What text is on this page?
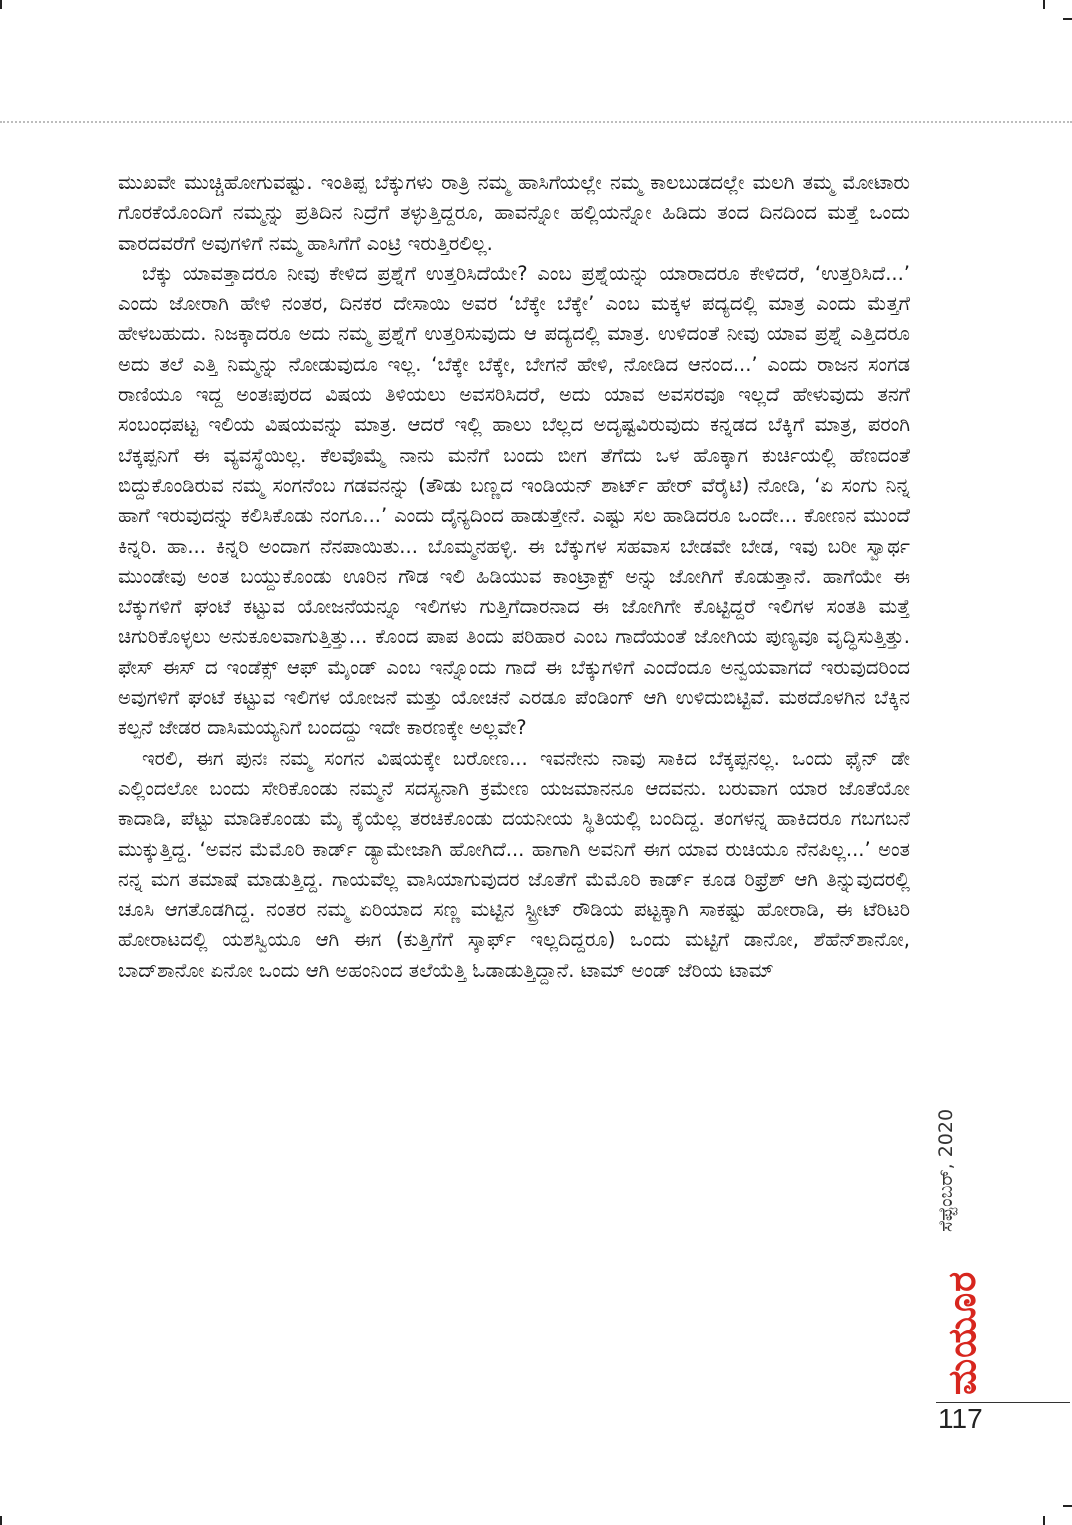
ಮುಖವೇ ಮುಚ್ಚಿಹೋಗುವಷ್ಟು. ಇಂತಿಪ್ಪ ಬೆಕ್ಕುಗಳು ರಾತ್ರಿ ನಮ್ಮ ಹಾಸಿಗೆಯಲ್ಲೇ ನಮ್ಮ ಕಾಲಬುಡದಲ್ಲೇ ಮಲಗಿ ತಮ್ಮ ಮೋಟಾರು ಗೊರಕೆಯೊಂದಿಗೆ ನಮ್ಮನ್ನು ಪ್ರತಿದಿನ ನಿದ್ರೆಗೆ ತಳ್ಳುತ್ತಿದ್ದರೂ, ಹಾವನ್ನೋ ಹಲ್ಲಿಯನ್ನೋ ಹಿಡಿದು ತಂದ ದಿನದಿಂದ ಮತ್ತೆ ಒಂದು ವಾರದವರೆಗೆ ಅವುಗಳಿಗೆ ನಮ್ಮ ಹಾಸಿಗೆಗೆ ಎಂಟ್ರಿ ಇರುತ್ತಿರಲಿಲ್ಲ.

ಬೆಕ್ಕು ಯಾವತ್ತಾದರೂ ನೀವು ಕೇಳಿದ ಪ್ರಶ್ನೆಗೆ ಉತ್ತರಿಸಿದೆಯೇ? ಎಂಬ ಪ್ರಶ್ನೆಯನ್ನು ಯಾರಾದರೂ ಕೇಳಿದರೆ, ‘ಉತ್ತರಿಸಿದೆ...’ ಎಂದು ಜೋರಾಗಿ ಹೇಳಿ ನಂತರ, ದಿನಕರ ದೇಸಾಯಿ ಅವರ ‘ಬೆಕ್ಕೇ ಬೆಕ್ಕೇ’ ಎಂಬ ಮಕ್ಕಳ ಪದ್ಯದಲ್ಲಿ ಮಾತ್ರ ಎಂದು ಮೆತ್ತಗೆ ಹೇಳಬಹುದು. ನಿಜಕ್ಕಾದರೂ ಅದು ನಮ್ಮ ಪ್ರಶ್ನೆಗೆ ಉತ್ತರಿಸುವುದು ಆ ಪದ್ಯದಲ್ಲಿ ಮಾತ್ರ. ಉಳಿದಂತೆ ನೀವು ಯಾವ ಪ್ರಶ್ನೆ ಎತ್ತಿದರೂ ಅದು ತಲೆ ಎತ್ತಿ ನಿಮ್ಮನ್ನು ನೋಡುವುದೂ ಇಲ್ಲ. ‘ಬೆಕ್ಕೇ ಬೆಕ್ಕೇ, ಬೇಗನೆ ಹೇಳಿ, ನೋಡಿದ ಆನಂದ...’ ಎಂದು ರಾಜನ ಸಂಗಡ ರಾಣಿಯೂ ಇದ್ದ ಅಂತಃಪುರದ ವಿಷಯ ತಿಳಿಯಲು ಅವಸರಿಸಿದರೆ, ಅದು ಯಾವ ಅವಸರವೂ ಇಲ್ಲದೆ ಹೇಳುವುದು ತನಗೆ ಸಂಬಂಧಪಟ್ಟ ಇಲಿಯ ವಿಷಯವನ್ನು ಮಾತ್ರ. ಆದರೆ ಇಲ್ಲಿ ಹಾಲು ಬೆಲ್ಲದ ಅದೃಷ್ಟವಿರುವುದು ಕನ್ನಡದ ಬೆಕ್ಕಿಗೆ ಮಾತ್ರ, ಪರಂಗಿ ಬೆಕ್ಕಪ್ಪನಿಗೆ ಈ ವ್ಯವಸ್ಥೆಯಿಲ್ಲ. ಕೆಲವೊಮ್ಮೆ ನಾನು ಮನೆಗೆ ಬಂದು ಬೀಗ ತೆಗೆದು ಒಳ ಹೊಕ್ಕಾಗ ಕುರ್ಚಿಯಲ್ಲಿ ಹೆಣದಂತೆ ಬಿದ್ದುಕೊಂಡಿರುವ ನಮ್ಮ ಸಂಗನೆಂಬ ಗಡವನನ್ನು (ತೌಡು ಬಣ್ಣದ ಇಂಡಿಯನ್ ಶಾರ್ಟ್ ಹೇರ್ ವೆರೈಟಿ) ನೋಡಿ, ‘ಏ ಸಂಗು ನಿನ್ನ ಹಾಗೆ ಇರುವುದನ್ನು ಕಲಿಸಿಕೊಡು ನಂಗೂ...’ ಎಂದು ದೈನ್ಯದಿಂದ ಹಾಡುತ್ತೇನೆ. ಎಷ್ಟು ಸಲ ಹಾಡಿದರೂ ಒಂದೇ... ಕೋಣನ ಮುಂದೆ ಕಿನ್ನರಿ. ಹಾ... ಕಿನ್ನರಿ ಅಂದಾಗ ನೆನಪಾಯಿತು... ಬೊಮ್ಮನಹಳ್ಳಿ. ಈ ಬೆಕ್ಕುಗಳ ಸಹವಾಸ ಬೇಡವೇ ಬೇಡ, ಇವು ಬರೀ ಸ್ವಾರ್ಥ ಮುಂಡೇವು ಅಂತ ಬಯ್ದುಕೊಂಡು ಊರಿನ ಗೌಡ ಇಲಿ ಹಿಡಿಯುವ ಕಾಂಟ್ರಾಕ್ಟ್ ಅನ್ನು ಜೋಗಿಗೆ ಕೊಡುತ್ತಾನೆ. ಹಾಗೆಯೇ ಈ ಬೆಕ್ಕುಗಳಿಗೆ ಘಂಟೆ ಕಟ್ಟುವ ಯೋಜನೆಯನ್ನೂ ಇಲಿಗಳು ಗುತ್ತಿಗೆದಾರನಾದ ಈ ಜೋಗಿಗೇ ಕೊಟ್ಟಿದ್ದರೆ ಇಲಿಗಳ ಸಂತತಿ ಮತ್ತೆ ಚಿಗುರಿಕೊಳ್ಳಲು ಅನುಕೂಲವಾಗುತ್ತಿತ್ತು... ಕೊಂದ ಪಾಪ ತಿಂದು ಪರಿಹಾರ ಎಂಬ ಗಾದೆಯಂತೆ ಜೋಗಿಯ ಪುಣ್ಯವೂ ವೃದ್ಧಿಸುತ್ತಿತ್ತು. ಫೇಸ್ ಈಸ್ ದ ಇಂಡೆಕ್ಸ್ ಆಫ್ ಮೈಂಡ್ ಎಂಬ ಇನ್ನೊಂದು ಗಾದೆ ಈ ಬೆಕ್ಕುಗಳಿಗೆ ಎಂದೆಂದೂ ಅನ್ವಯವಾಗದೆ ಇರುವುದರಿಂದ ಅವುಗಳಿಗೆ ಘಂಟೆ ಕಟ್ಟುವ ಇಲಿಗಳ ಯೋಜನೆ ಮತ್ತು ಯೋಚನೆ ಎರಡೂ ಪೆಂಡಿಂಗ್ ಆಗಿ ಉಳಿದುಬಿಟ್ಟಿವೆ. ಮಠದೊಳಗಿನ ಬೆಕ್ಕಿನ ಕಲ್ಪನೆ ಜೇಡರ ದಾಸಿಮಯ್ಯನಿಗೆ ಬಂದದ್ದು ಇದೇ ಕಾರಣಕ್ಕೇ ಅಲ್ಲವೇ?

ಇರಲಿ, ಈಗ ಪುನಃ ನಮ್ಮ ಸಂಗನ ವಿಷಯಕ್ಕೇ ಬರೋಣ... ಇವನೇನು ನಾವು ಸಾಕಿದ ಬೆಕ್ಕಪ್ಪನಲ್ಲ. ಒಂದು ಫೈನ್ ಡೇ ಎಲ್ಲಿಂದಲೋ ಬಂದು ಸೇರಿಕೊಂಡು ನಮ್ಮನೆ ಸದಸ್ಯನಾಗಿ ಕ್ರಮೇಣ ಯಜಮಾನನೂ ಆದವನು. ಬರುವಾಗ ಯಾರ ಜೊತೆಯೋ ಕಾದಾಡಿ, ಪೆಟ್ಟು ಮಾಡಿಕೊಂಡು ಮೈ ಕೈಯೆಲ್ಲ ತರಚಿಕೊಂಡು ದಯನೀಯ ಸ್ಥಿತಿಯಲ್ಲಿ ಬಂದಿದ್ದ. ತಂಗಳನ್ನ ಹಾಕಿದರೂ ಗಬಗಬನೆ ಮುಕ್ಕುತ್ತಿದ್ದ. ‘ಅವನ ಮೆಮೊರಿ ಕಾರ್ಡ್ ಡ್ಯಾಮೇಜಾಗಿ ಹೋಗಿದೆ... ಹಾಗಾಗಿ ಅವನಿಗೆ ಈಗ ಯಾವ ರುಚಿಯೂ ನೆನಪಿಲ್ಲ...’ ಅಂತ ನನ್ನ ಮಗ ತಮಾಷೆ ಮಾಡುತ್ತಿದ್ದ. ಗಾಯವೆಲ್ಲ ವಾಸಿಯಾಗುವುದರ ಜೊತೆಗೆ ಮೆಮೊರಿ ಕಾರ್ಡ್ ಕೂಡ ರಿಫ್ರೆಶ್ ಆಗಿ ತಿನ್ನುವುದರಲ್ಲಿ ಚೂಸಿ ಆಗತೊಡಗಿದ್ದ. ನಂತರ ನಮ್ಮ ಏರಿಯಾದ ಸಣ್ಣ ಮಟ್ಟಿನ ಸ್ಟ್ರೀಟ್ ರೌಡಿಯ ಪಟ್ಟಕ್ಕಾಗಿ ಸಾಕಷ್ಟು ಹೋರಾಡಿ, ಈ ಟೆರಿಟರಿ ಹೋರಾಟದಲ್ಲಿ ಯಶಸ್ವಿಯೂ ಆಗಿ ಈಗ (ಕುತ್ತಿಗೆಗೆ ಸ್ಕಾರ್ಫ್ ಇಲ್ಲದಿದ್ದರೂ) ಒಂದು ಮಟ್ಟಿಗೆ ಡಾನೋ, ಶೆಹೆನ್‌ಶಾನೋ, ಬಾದ್‌ಶಾನೋ ಏನೋ ಒಂದು ಆಗಿ ಅಹಂನಿಂದ ತಲೆಯೆತ್ತಿ ಓಡಾಡುತ್ತಿದ್ದಾನೆ. ಟಾಮ್ ಅಂಡ್ ಜೆರಿಯ ಟಾಮ್

ಸೆಪ್ಟೆಂಬರ್, 2020
ಮಯೂರ
117
